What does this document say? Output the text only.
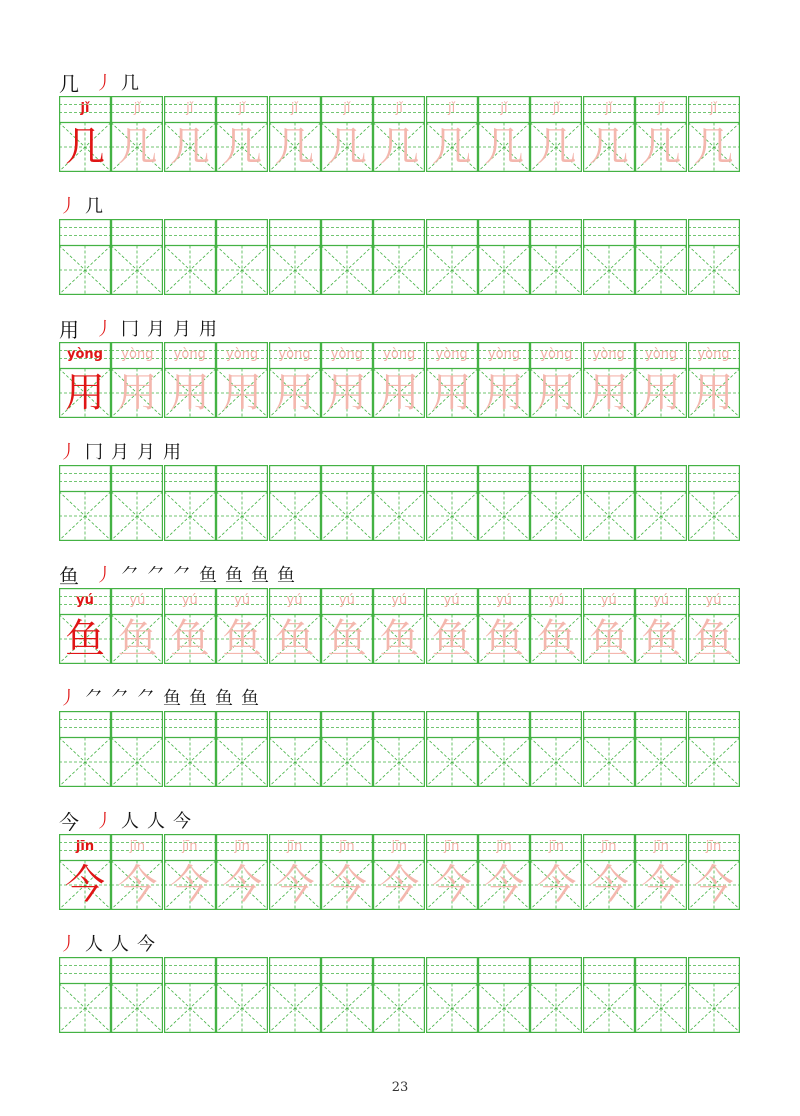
几 丿 几
jǐ
几
jǐ
几
jǐ
几
jǐ
几
jǐ
几
jǐ
几
jǐ
几
jǐ
几
jǐ
几
jǐ
几
jǐ
几
jǐ
几
jǐ
几
丿 几
用 丿 冂 月 月 用
yòng
用
yòng
用
yòng
用
yòng
用
yòng
用
yòng
用
yòng
用
yòng
用
yòng
用
yòng
用
yòng
用
yòng
用
yòng
用
丿 冂 月 月 用
鱼 丿 ⺈ ⺈ ⺈ 鱼 鱼 鱼 鱼
yú
鱼
yú
鱼
yú
鱼
yú
鱼
yú
鱼
yú
鱼
yú
鱼
yú
鱼
yú
鱼
yú
鱼
yú
鱼
yú
鱼
yú
鱼
丿 ⺈ ⺈ ⺈ 鱼 鱼 鱼 鱼
今 丿 人 人 今
jīn
今
jīn
今
jīn
今
jīn
今
jīn
今
jīn
今
jīn
今
jīn
今
jīn
今
jīn
今
jīn
今
jīn
今
jīn
今
丿 人 人 今
23
